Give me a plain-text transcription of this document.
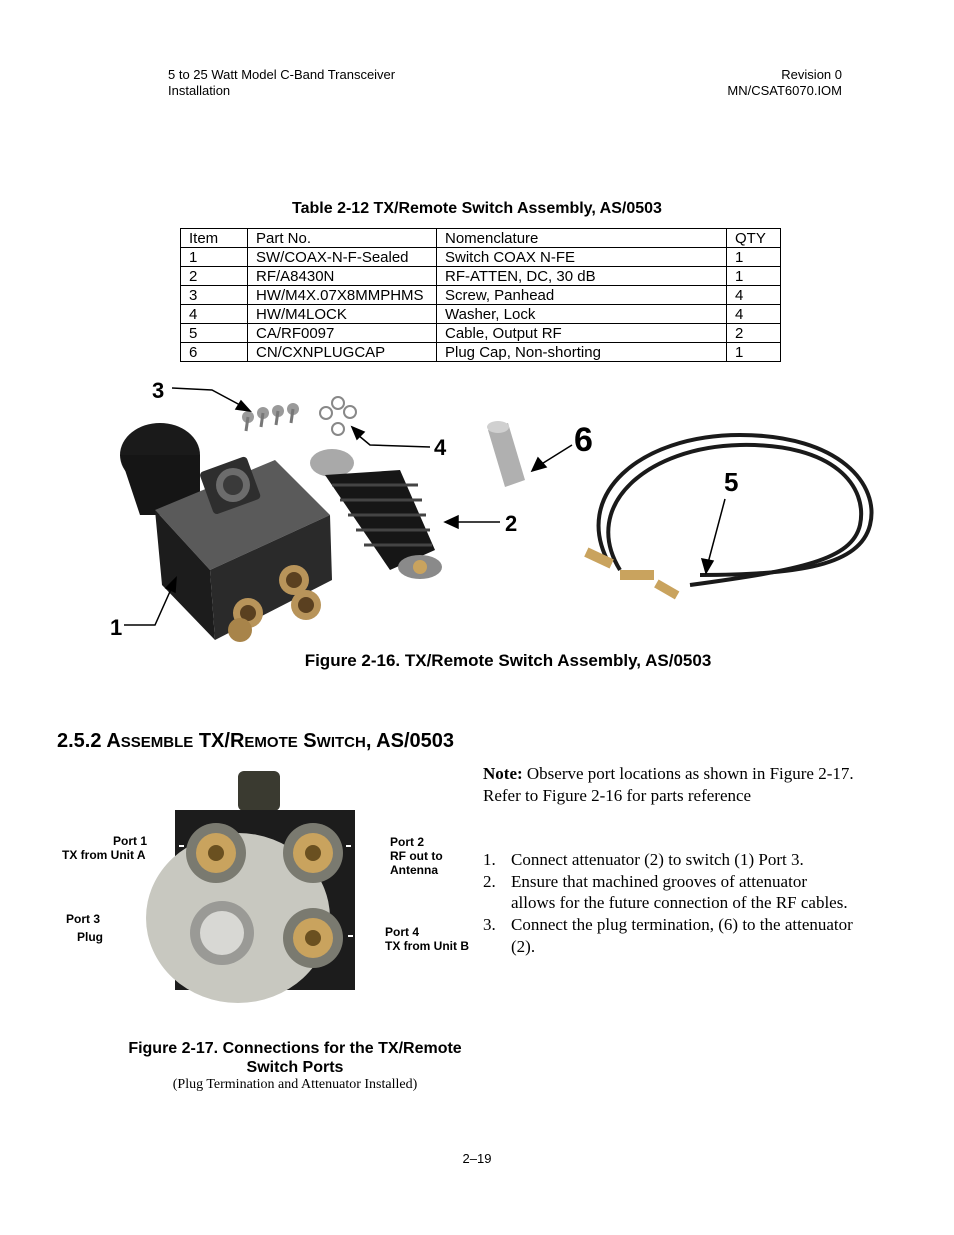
5 to 25 Watt Model C-Band Transceiver
Installation
Revision 0
MN/CSAT6070.IOM
Table 2-12 TX/Remote Switch Assembly, AS/0503
Item	Part No.	Nomenclature	QTY
1	SW/COAX-N-F-Sealed	Switch COAX N-FE	1
2	RF/A8430N	RF-ATTEN, DC, 30 dB	1
3	HW/M4X.07X8MMPHMS	Screw, Panhead	4
4	HW/M4LOCK	Washer, Lock	4
5	CA/RF0097	Cable, Output RF	2
6	CN/CXNPLUGCAP	Plug Cap, Non-shorting	1
3
4	6
5
2
1
Figure 2-16. TX/Remote Switch Assembly, AS/0503
2.5.2 ASSEMBLE TX/REMOTE SWITCH, AS/0503
Port 1
TX from Unit A
Port 2
RF out to
Antenna
Port 3
Plug	Port 4
TX from Unit B

Note: Observe port locations as shown in Figure 2-17. Refer to Figure 2-16 for parts reference

1. Connect attenuator (2) to switch (1) Port 3.
2. Ensure that machined grooves of attenuator allows for the future connection of the RF cables.
3. Connect the plug termination, (6) to the attenuator (2).
Figure 2-17. Connections for the TX/Remote
Switch Ports
(Plug Termination and Attenuator Installed)
2–19
